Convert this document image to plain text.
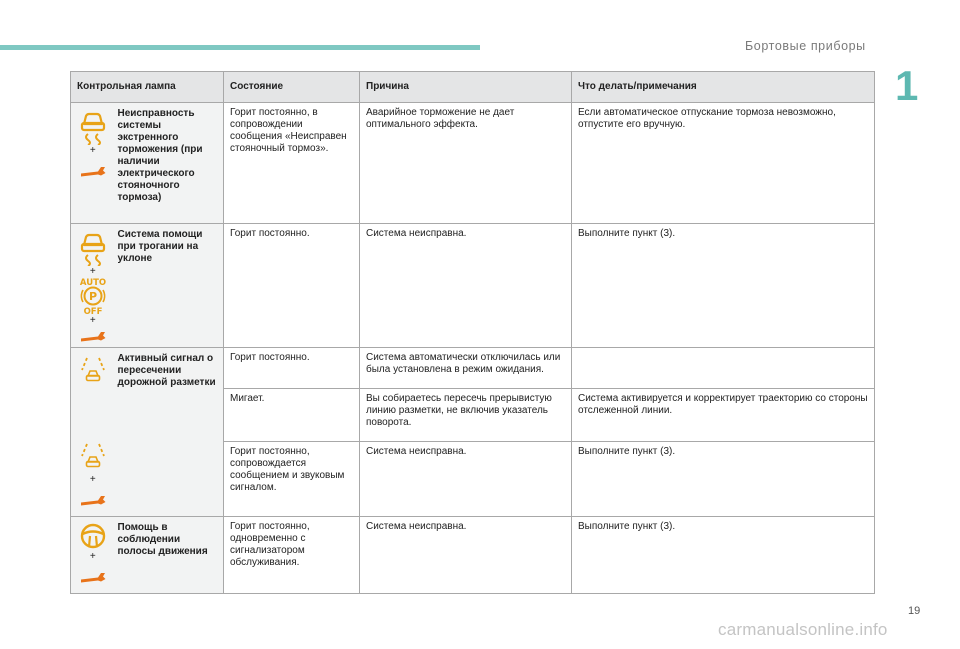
Бортовые приборы
1
Контрольная лампа		Состояние	Причина	Что делать/примечания

+	Неисправность системы экстренного торможения (при наличии электрического стояночного тормоза)	Горит постоянно, в сопровождении сообщения «Неисправен стояночный тормоз».	Аварийное торможение не дает оптимального эффекта.	Если автоматическое отпускание тормоза невозможно, отпустите его вручную.

+
AUTO
P
OFF
+	Система помощи при трогании на уклоне	Горит постоянно.	Система неисправна.	Выполните пункт (3).

	Активный сигнал о пересечении дорожной разметки	Горит постоянно.	Система автоматически отключилась или была установлена в режим ожидания.	
		Мигает.	Вы собираетесь пересечь прерывистую линию разметки, не включив указатель поворота.	Система активируется и корректирует траекторию со стороны отслеженной линии.

+		Горит постоянно, сопровождается сообщением и звуковым сигналом.	Система неисправна.	Выполните пункт (3).

+	Помощь в соблюдении полосы движения	Горит постоянно, одновременно с сигнализатором обслуживания.	Система неисправна.	Выполните пункт (3).
19
carmanualsonline.info
